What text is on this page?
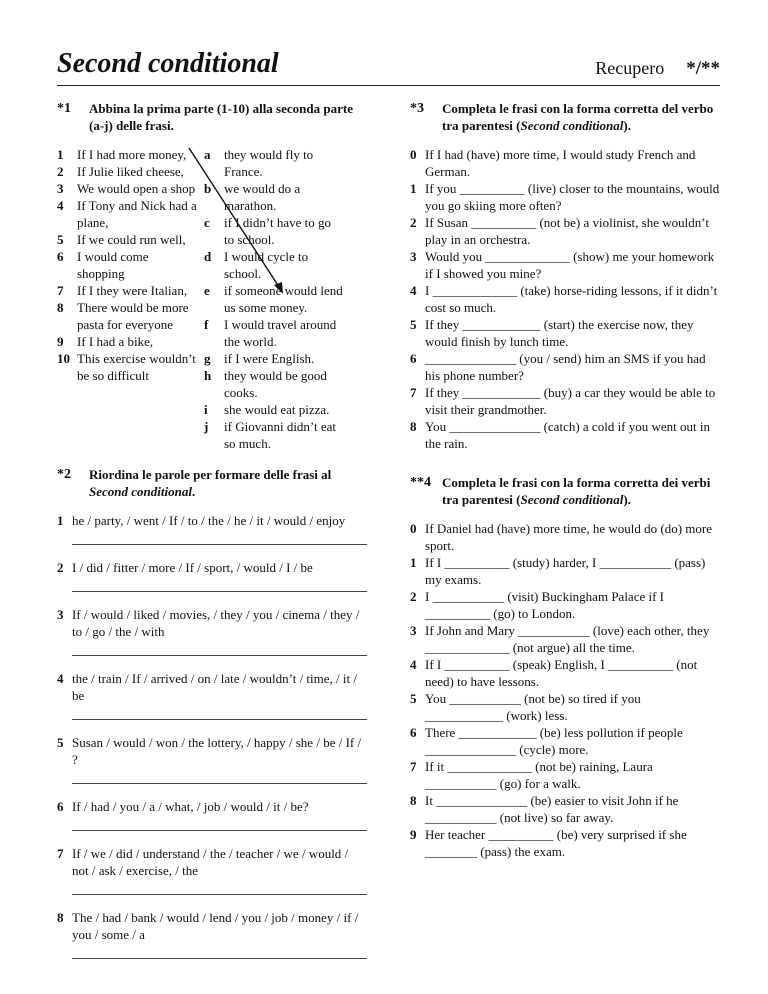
Second conditional	Recupero */**
*1 Abbina la prima parte (1-10) alla seconda parte (a-j) delle frasi.
1 If I had more money,
2 If Julie liked cheese,
3 We would open a shop
4 If Tony and Nick had a plane,
5 If we could run well,
6 I would come shopping
7 If I they were Italian,
8 There would be more pasta for everyone
9 If I had a bike,
10 This exercise wouldn’t be so difficult
a they would fly to France.
b we would do a marathon.
c if I didn’t have to go to school.
d I would cycle to school.
e if someone would lend us some money.
f I would travel around the world.
g if I were English.
h they would be good cooks.
i she would eat pizza.
j if Giovanni didn’t eat so much.
*2 Riordina le parole per formare delle frasi al Second conditional.
1 he / party, / went / If / to / the / he / it / would / enjoy
2 I / did / fitter / more / If / sport, / would / I / be
3 If / would / liked / movies, / they / you / cinema / they / to / go / the / with
4 the / train / If / arrived / on / late / wouldn’t / time, / it / be
5 Susan / would / won / the lottery, / happy / she / be / If / ?
6 If / had / you / a / what, / job / would / it / be?
7 If / we / did / understand / the / teacher / we / would / not / ask / exercise, / the
8 The / had / bank / would / lend / you / job / money / if / you / some / a
*3 Completa le frasi con la forma corretta del verbo tra parentesi (Second conditional).
0 If I had (have) more time, I would study French and German.
1 If you __________ (live) closer to the mountains, would you go skiing more often?
2 If Susan __________ (not be) a violinist, she wouldn’t play in an orchestra.
3 Would you _____________ (show) me your homework if I showed you mine?
4 I _____________ (take) horse-riding lessons, if it didn’t cost so much.
5 If they ____________ (start) the exercise now, they would finish by lunch time.
6 ______________ (you / send) him an SMS if you had his phone number?
7 If they ____________ (buy) a car they would be able to visit their grandmother.
8 You ______________ (catch) a cold if you went out in the rain.
**4 Completa le frasi con la forma corretta dei verbi tra parentesi (Second conditional).
0 If Daniel had (have) more time, he would do (do) more sport.
1 If I __________ (study) harder, I ___________ (pass) my exams.
2 I ___________ (visit) Buckingham Palace if I __________ (go) to London.
3 If John and Mary ___________ (love) each other, they _____________ (not argue) all the time.
4 If I __________ (speak) English, I __________ (not need) to have lessons.
5 You ___________ (not be) so tired if you ____________ (work) less.
6 There ____________ (be) less pollution if people ______________ (cycle) more.
7 If it _____________ (not be) raining, Laura ___________ (go) for a walk.
8 It ______________ (be) easier to visit John if he ___________ (not live) so far away.
9 Her teacher __________ (be) very surprised if she ________ (pass) the exam.
